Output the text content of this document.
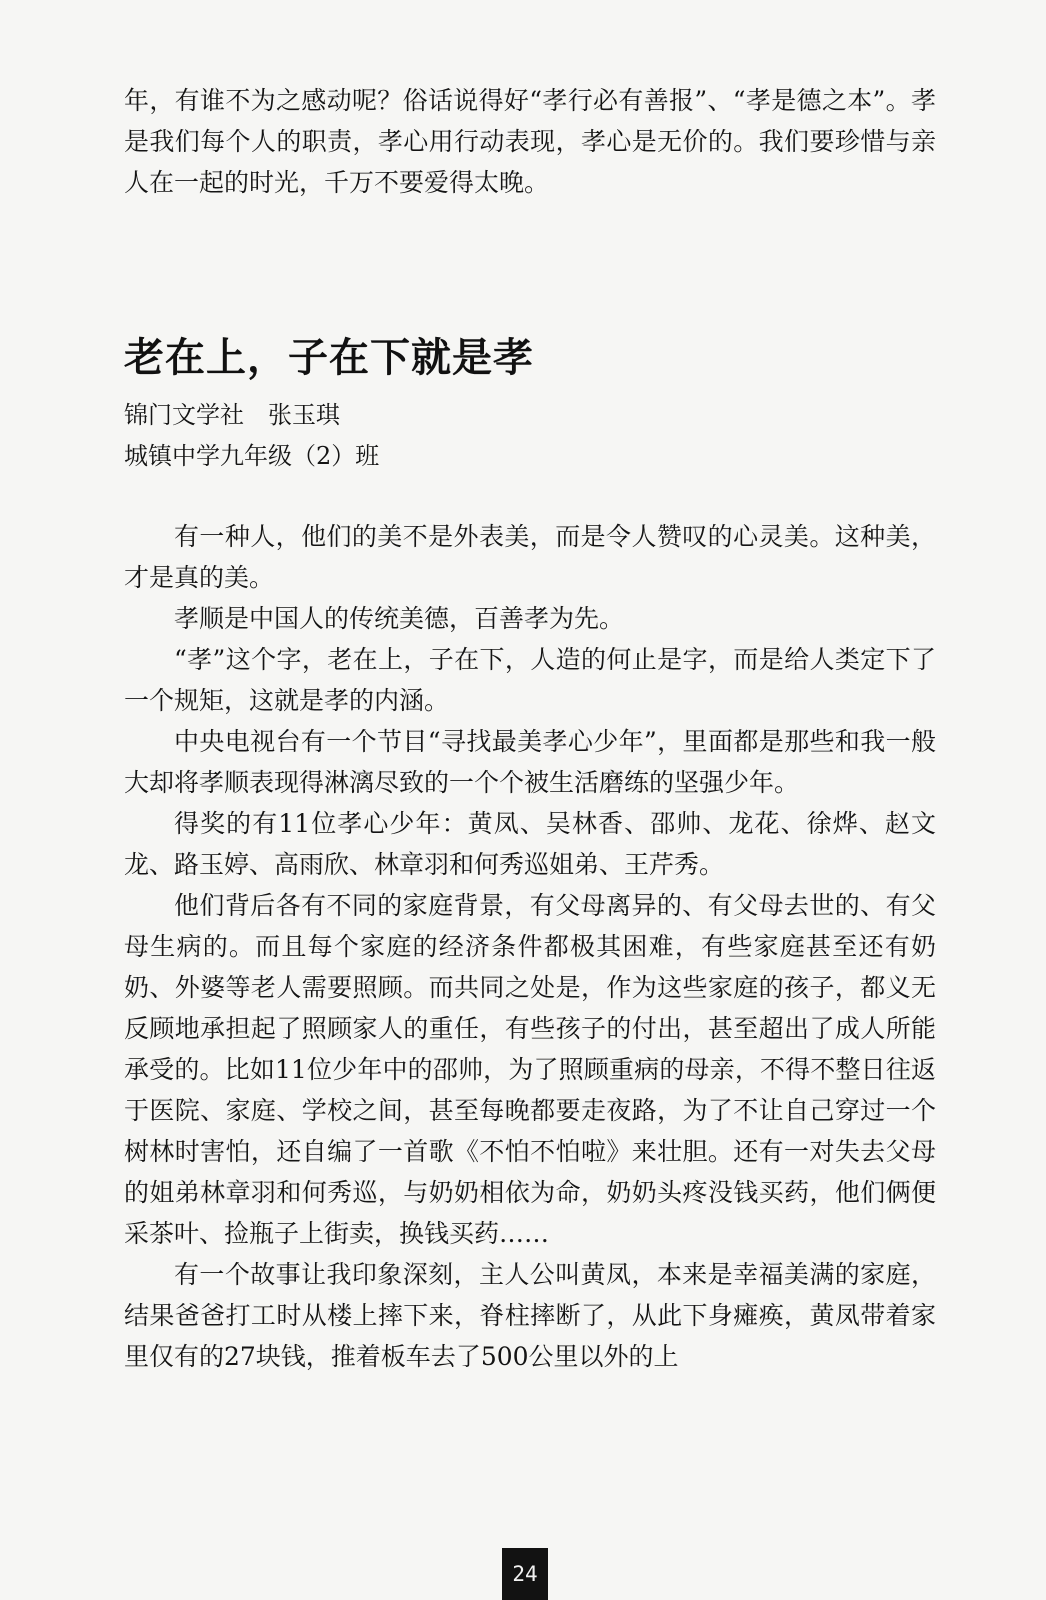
年，有谁不为之感动呢？俗话说得好“孝行必有善报”、“孝是德之本”。孝是我们每个人的职责，孝心用行动表现，孝心是无价的。我们要珍惜与亲人在一起的时光，千万不要爱得太晚。

老在上，子在下就是孝
锦门文学社　张玉琪
城镇中学九年级（2）班

有一种人，他们的美不是外表美，而是令人赞叹的心灵美。这种美，才是真的美。

孝顺是中国人的传统美德，百善孝为先。

“孝”这个字，老在上，子在下，人造的何止是字，而是给人类定下了一个规矩，这就是孝的内涵。

中央电视台有一个节目“寻找最美孝心少年”，里面都是那些和我一般大却将孝顺表现得淋漓尽致的一个个被生活磨练的坚强少年。

得奖的有11位孝心少年：黄凤、吴林香、邵帅、龙花、徐烨、赵文龙、路玉婷、高雨欣、林章羽和何秀巡姐弟、王芹秀。

他们背后各有不同的家庭背景，有父母离异的、有父母去世的、有父母生病的。而且每个家庭的经济条件都极其困难，有些家庭甚至还有奶奶、外婆等老人需要照顾。而共同之处是，作为这些家庭的孩子，都义无反顾地承担起了照顾家人的重任，有些孩子的付出，甚至超出了成人所能承受的。比如11位少年中的邵帅，为了照顾重病的母亲，不得不整日往返于医院、家庭、学校之间，甚至每晚都要走夜路，为了不让自己穿过一个树林时害怕，还自编了一首歌《不怕不怕啦》来壮胆。还有一对失去父母的姐弟林章羽和何秀巡，与奶奶相依为命，奶奶头疼没钱买药，他们俩便采茶叶、捡瓶子上街卖，换钱买药……

有一个故事让我印象深刻，主人公叫黄凤，本来是幸福美满的家庭，结果爸爸打工时从楼上摔下来，脊柱摔断了，从此下身瘫痪，黄凤带着家里仅有的27块钱，推着板车去了500公里以外的上

24
